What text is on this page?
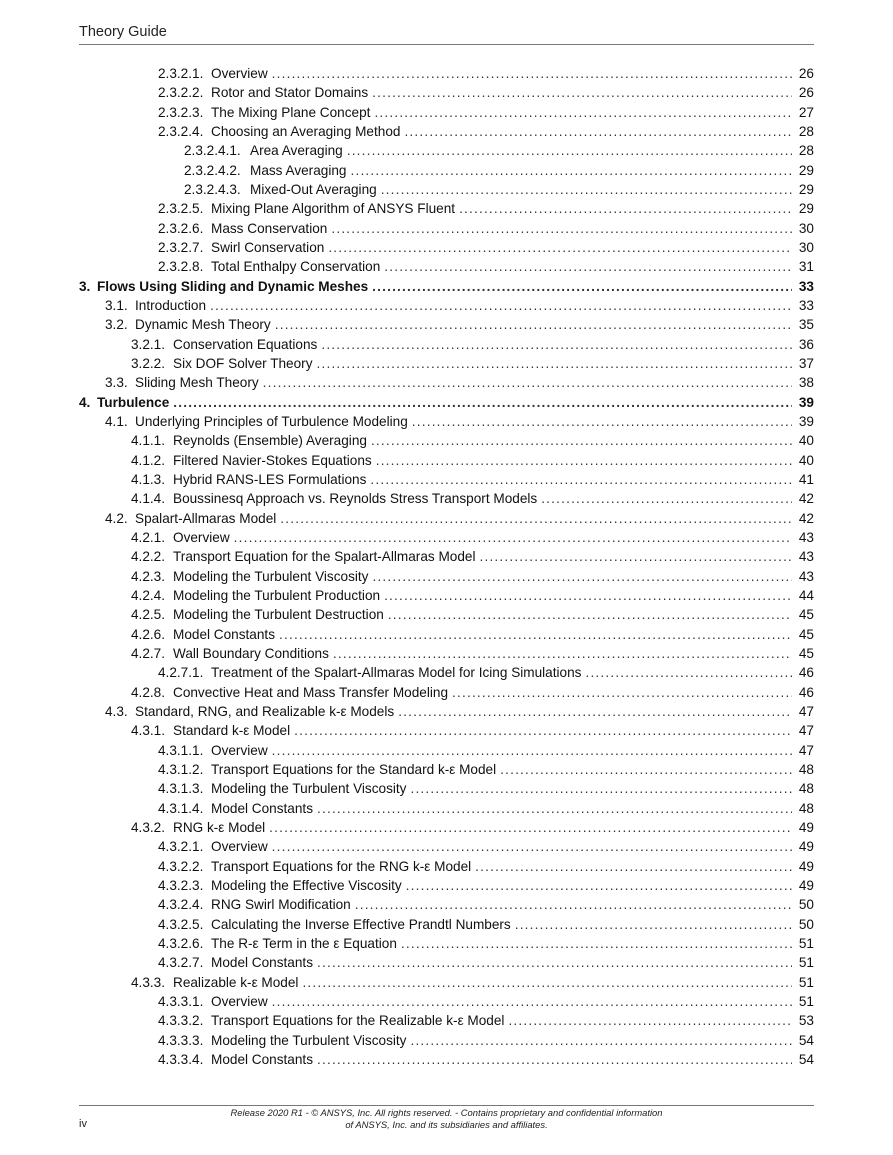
Theory Guide
2.3.2.1. Overview .....	26
2.3.2.2. Rotor and Stator Domains .....	26
2.3.2.3. The Mixing Plane Concept .....	27
2.3.2.4. Choosing an Averaging Method .....	28
2.3.2.4.1. Area Averaging .....	28
2.3.2.4.2. Mass Averaging .....	29
2.3.2.4.3. Mixed-Out Averaging .....	29
2.3.2.5. Mixing Plane Algorithm of ANSYS Fluent .....	29
2.3.2.6. Mass Conservation .....	30
2.3.2.7. Swirl Conservation .....	30
2.3.2.8. Total Enthalpy Conservation .....	31
3. Flows Using Sliding and Dynamic Meshes .....	33
3.1. Introduction .....	33
3.2. Dynamic Mesh Theory .....	35
3.2.1. Conservation Equations .....	36
3.2.2. Six DOF Solver Theory .....	37
3.3. Sliding Mesh Theory .....	38
4. Turbulence .....	39
4.1. Underlying Principles of Turbulence Modeling .....	39
4.1.1. Reynolds (Ensemble) Averaging .....	40
4.1.2. Filtered Navier-Stokes Equations .....	40
4.1.3. Hybrid RANS-LES Formulations .....	41
4.1.4. Boussinesq Approach vs. Reynolds Stress Transport Models .....	42
4.2. Spalart-Allmaras Model .....	42
4.2.1. Overview .....	43
4.2.2. Transport Equation for the Spalart-Allmaras Model .....	43
4.2.3. Modeling the Turbulent Viscosity .....	43
4.2.4. Modeling the Turbulent Production .....	44
4.2.5. Modeling the Turbulent Destruction .....	45
4.2.6. Model Constants .....	45
4.2.7. Wall Boundary Conditions .....	45
4.2.7.1. Treatment of the Spalart-Allmaras Model for Icing Simulations .....	46
4.2.8. Convective Heat and Mass Transfer Modeling .....	46
4.3. Standard, RNG, and Realizable k-ε Models .....	47
4.3.1. Standard k-ε Model .....	47
4.3.1.1. Overview .....	47
4.3.1.2. Transport Equations for the Standard k-ε Model .....	48
4.3.1.3. Modeling the Turbulent Viscosity .....	48
4.3.1.4. Model Constants .....	48
4.3.2. RNG k-ε Model .....	49
4.3.2.1. Overview .....	49
4.3.2.2. Transport Equations for the RNG k-ε Model .....	49
4.3.2.3. Modeling the Effective Viscosity .....	49
4.3.2.4. RNG Swirl Modification .....	50
4.3.2.5. Calculating the Inverse Effective Prandtl Numbers .....	50
4.3.2.6. The R-ε Term in the ε Equation .....	51
4.3.2.7. Model Constants .....	51
4.3.3. Realizable k-ε Model .....	51
4.3.3.1. Overview .....	51
4.3.3.2. Transport Equations for the Realizable k-ε Model .....	53
4.3.3.3. Modeling the Turbulent Viscosity .....	54
4.3.3.4. Model Constants .....	54
Release 2020 R1 - © ANSYS, Inc. All rights reserved. - Contains proprietary and confidential information
of ANSYS, Inc. and its subsidiaries and affiliates.
iv
